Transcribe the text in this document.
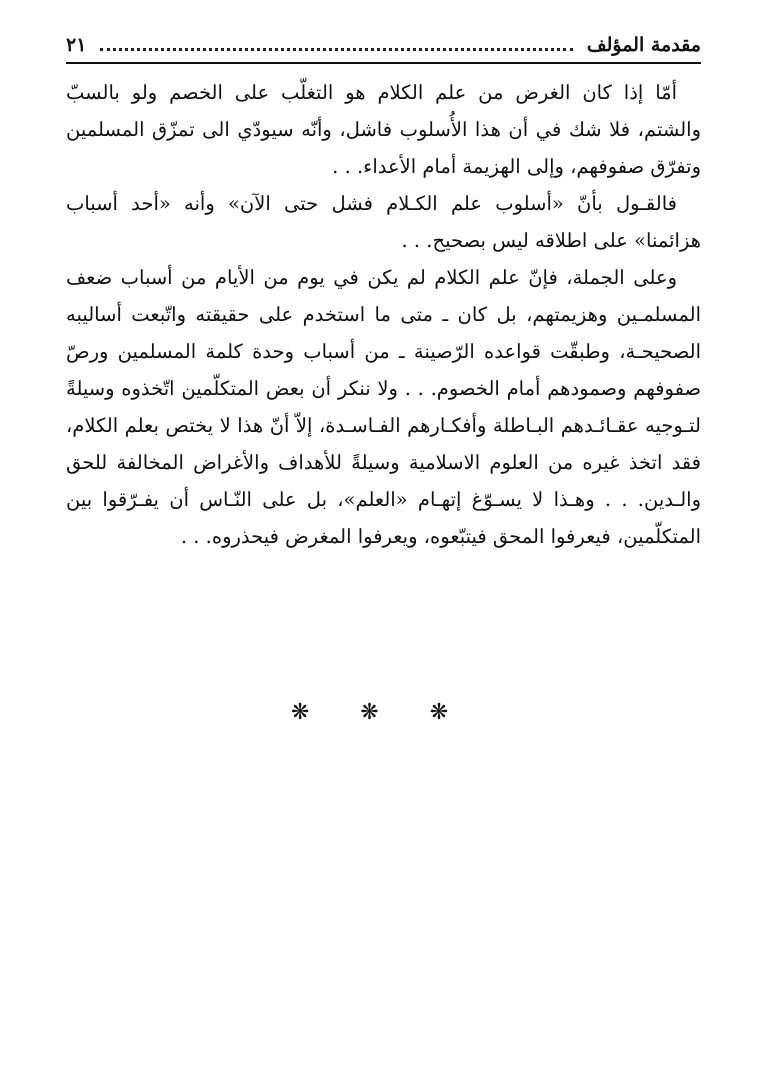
مقدمة المؤلف
٢١

أمّا إذا كان الغرض من علم الكلام هو التغلّب على الخصم ولو بالسبّ والشتم، فلا شك في أن هذا الأُسلوب فاشل، وأنّه سيودّي الى تمزّق المسلمين وتفرّق صفوفهم، وإلى الهزيمة أمام الأعداء. . .

فالقـول بأنّ «أسلوب علم الكـلام فشل حتى الآن» وأنه «أحد أسباب هزائمنا» على اطلاقه ليس بصحيح. . .

وعلى الجملة، فإنّ علم الكلام لم يكن في يوم من الأيام من أسباب ضعف المسلمـين وهزيمتهم، بل كان ـ متى ما استخدم على حقيقته واتّبعت أساليبه الصحيحـة، وطبقّت قواعده الرّصينة ـ من أسباب وحدة كلمة المسلمين ورصّ صفوفهم وصمودهم أمام الخصوم. . . ولا ننكر أن بعض المتكلّمين اتّخذوه وسيلةً لتـوجيه عقـائـدهم البـاطلة وأفكـارهم الفـاسـدة، إلاّ أنّ هذا لا يختص بعلم الكلام، فقد اتخذ غيره من العلوم الاسلامية وسيلةً للأهداف والأغراض المخالفة للحق والـدين. . . وهـذا لا يسـوّغ إتهـام «العلم»، بل على النّـاس أن يفـرّقوا بين المتكلّمين، فيعرفوا المحق فيتبّعوه، ويعرفوا المغرض فيحذروه. . .

❋ ❋ ❋
